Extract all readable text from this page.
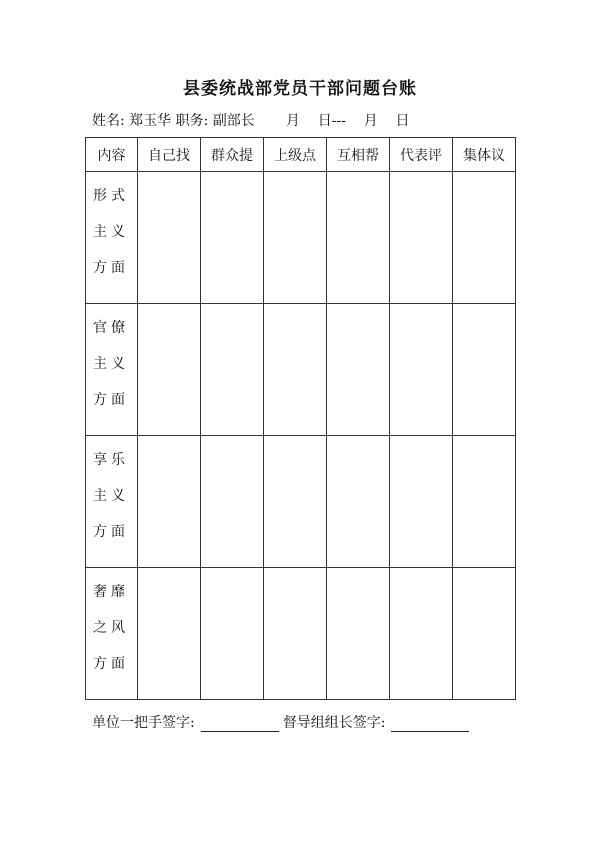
县委统战部党员干部问题台账
姓名: 郑玉华 职务: 副部长       月    日---    月    日
内容	自己找	群众提	上级点	互相帮	代表评	集体议
形式主义方面						
官僚主义方面						
享乐主义方面						
奢靡之风方面						
单位一把手签字:	督导组组长签字:
